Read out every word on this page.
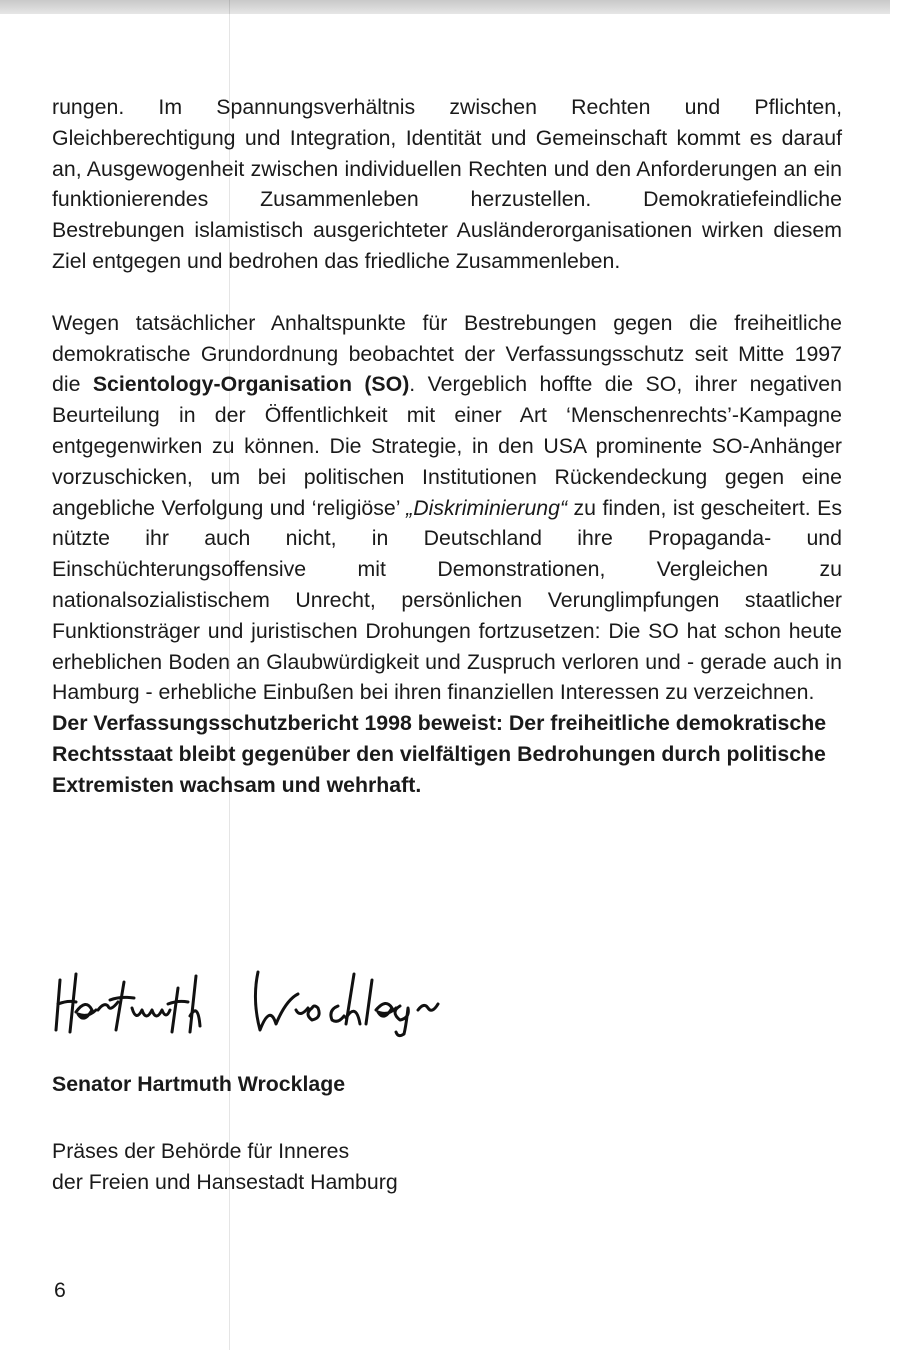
rungen. Im Spannungsverhältnis zwischen Rechten und Pflichten, Gleichberechtigung und Integration, Identität und Gemeinschaft kommt es darauf an, Ausgewogenheit zwischen individuellen Rechten und den Anforderungen an ein funktionierendes Zusammenleben herzustellen. Demokratiefeindliche Bestrebungen islamistisch ausgerichteter Ausländerorganisationen wirken diesem Ziel entgegen und bedrohen das friedliche Zusammenleben.

Wegen tatsächlicher Anhaltspunkte für Bestrebungen gegen die freiheitliche demokratische Grundordnung beobachtet der Verfassungsschutz seit Mitte 1997 die Scientology-Organisation (SO). Vergeblich hoffte die SO, ihrer negativen Beurteilung in der Öffentlichkeit mit einer Art ‘Menschenrechts’-Kampagne entgegenwirken zu können. Die Strategie, in den USA prominente SO-Anhänger vorzuschicken, um bei politischen Institutionen Rückendeckung gegen eine angebliche Verfolgung und ‘religiöse’ „Diskriminierung“ zu finden, ist gescheitert. Es nützte ihr auch nicht, in Deutschland ihre Propaganda- und Einschüchterungsoffensive mit Demonstrationen, Vergleichen zu nationalsozialistischem Unrecht, persönlichen Verunglimpfungen staatlicher Funktionsträger und juristischen Drohungen fortzusetzen: Die SO hat schon heute erheblichen Boden an Glaubwürdigkeit und Zuspruch verloren und - gerade auch in Hamburg - erhebliche Einbußen bei ihren finanziellen Interessen zu verzeichnen.

Der Verfassungsschutzbericht 1998 beweist: Der freiheitliche demokratische Rechtsstaat bleibt gegenüber den vielfältigen Bedrohungen durch politische Extremisten wachsam und wehrhaft.

Senator Hartmuth Wrocklage

Präses der Behörde für Inneres
der Freien und Hansestadt Hamburg

6
